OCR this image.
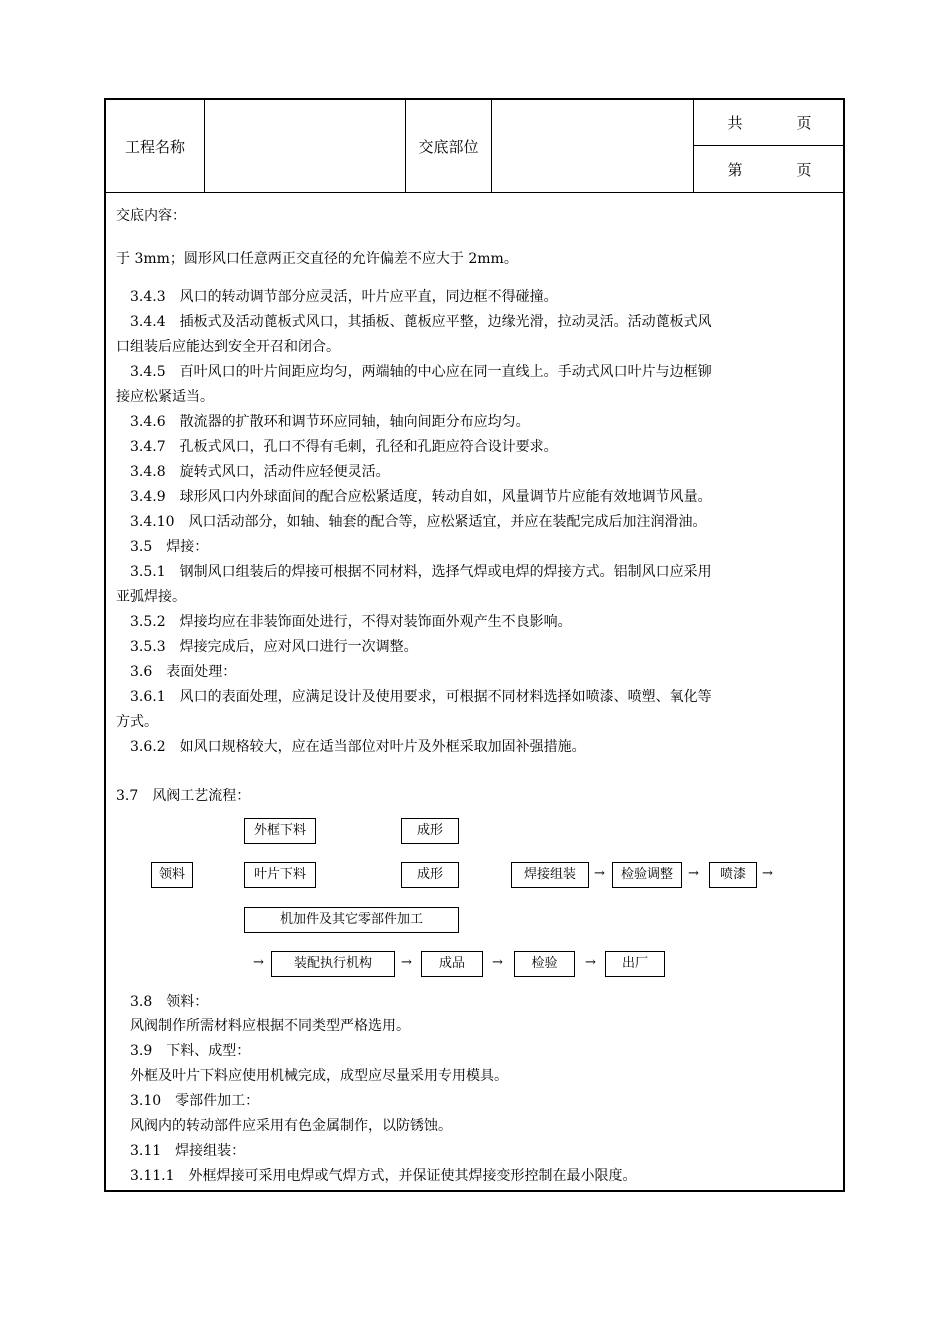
工程名称	交底部位
共	页
第	页
交底内容：
于 3mm；圆形风口任意两正交直径的允许偏差不应大于 2mm。
3.4.3　风口的转动调节部分应灵活，叶片应平直，同边框不得碰撞。
3.4.4　插板式及活动蓖板式风口，其插板、蓖板应平整，边缘光滑，拉动灵活。活动蓖板式风
口组装后应能达到安全开召和闭合。
3.4.5　百叶风口的叶片间距应均匀，两端轴的中心应在同一直线上。手动式风口叶片与边框铆
接应松紧适当。
3.4.6　散流器的扩散环和调节环应同轴，轴向间距分布应均匀。
3.4.7　孔板式风口，孔口不得有毛刺，孔径和孔距应符合设计要求。
3.4.8　旋转式风口，活动件应轻便灵活。
3.4.9　球形风口内外球面间的配合应松紧适度，转动自如，风量调节片应能有效地调节风量。
3.4.10　风口活动部分，如轴、轴套的配合等，应松紧适宜，并应在装配完成后加注润滑油。
3.5　焊接：
3.5.1　钢制风口组装后的焊接可根据不同材料，选择气焊或电焊的焊接方式。铝制风口应采用
亚弧焊接。
3.5.2　焊接均应在非装饰面处进行，不得对装饰面外观产生不良影响。
3.5.3　焊接完成后，应对风口进行一次调整。
3.6　表面处理：
3.6.1　风口的表面处理，应满足设计及使用要求，可根据不同材料选择如喷漆、喷塑、氧化等
方式。
3.6.2　如风口规格较大，应在适当部位对叶片及外框采取加固补强措施。
3.7　风阀工艺流程：
外框下料	成形
领料	叶片下料	成形	焊接组装	→	检验调整	→	喷漆	→
机加件及其它零部件加工
→	装配执行机构	→	成品	→	检验	→	出厂
3.8　领料：
风阀制作所需材料应根据不同类型严格选用。
3.9　下料、成型：
外框及叶片下料应使用机械完成，成型应尽量采用专用模具。
3.10　零部件加工：
风阀内的转动部件应采用有色金属制作，以防锈蚀。
3.11　焊接组装：
3.11.1　外框焊接可采用电焊或气焊方式，并保证使其焊接变形控制在最小限度。
